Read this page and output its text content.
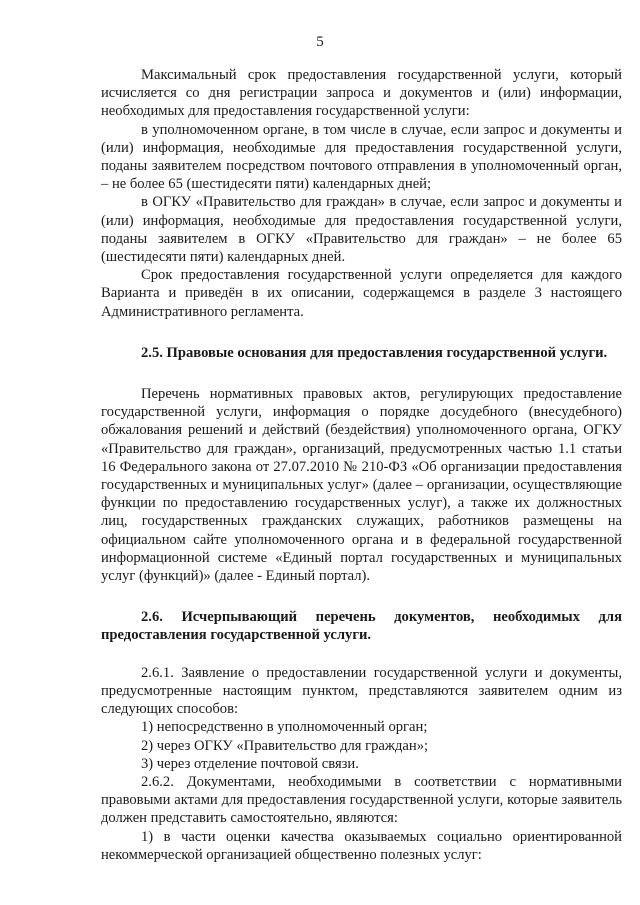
5

Максимальный срок предоставления государственной услуги, который исчисляется со дня регистрации запроса и документов и (или) информации, необходимых для предоставления государственной услуги:

в уполномоченном органе, в том числе в случае, если запрос и документы и (или) информация, необходимые для предоставления государственной услуги, поданы заявителем посредством почтового отправления в уполномоченный орган, – не более 65 (шестидесяти пяти) календарных дней;

в ОГКУ «Правительство для граждан» в случае, если запрос и документы и (или) информация, необходимые для предоставления государственной услуги, поданы заявителем в ОГКУ «Правительство для граждан» – не более 65 (шестидесяти пяти) календарных дней.

Срок предоставления государственной услуги определяется для каждого Варианта и приведён в их описании, содержащемся в разделе 3 настоящего Административного регламента.

2.5. Правовые основания для предоставления государственной услуги.

Перечень нормативных правовых актов, регулирующих предоставление государственной услуги, информация о порядке досудебного (внесудебного) обжалования решений и действий (бездействия) уполномоченного органа, ОГКУ «Правительство для граждан», организаций, предусмотренных частью 1.1 статьи 16 Федерального закона от 27.07.2010 № 210-ФЗ «Об организации предоставления государственных и муниципальных услуг» (далее – организации, осуществляющие функции по предоставлению государственных услуг), а также их должностных лиц, государственных гражданских служащих, работников размещены на официальном сайте уполномоченного органа и в федеральной государственной информационной системе «Единый портал государственных и муниципальных услуг (функций)» (далее - Единый портал).

2.6. Исчерпывающий перечень документов, необходимых для предоставления государственной услуги.

2.6.1. Заявление о предоставлении государственной услуги и документы, предусмотренные настоящим пунктом, представляются заявителем одним из следующих способов:

1) непосредственно в уполномоченный орган;

2) через ОГКУ «Правительство для граждан»;

3) через отделение почтовой связи.

2.6.2. Документами, необходимыми в соответствии с нормативными правовыми актами для предоставления государственной услуги, которые заявитель должен представить самостоятельно, являются:

1) в части оценки качества оказываемых социально ориентированной некоммерческой организацией общественно полезных услуг:
